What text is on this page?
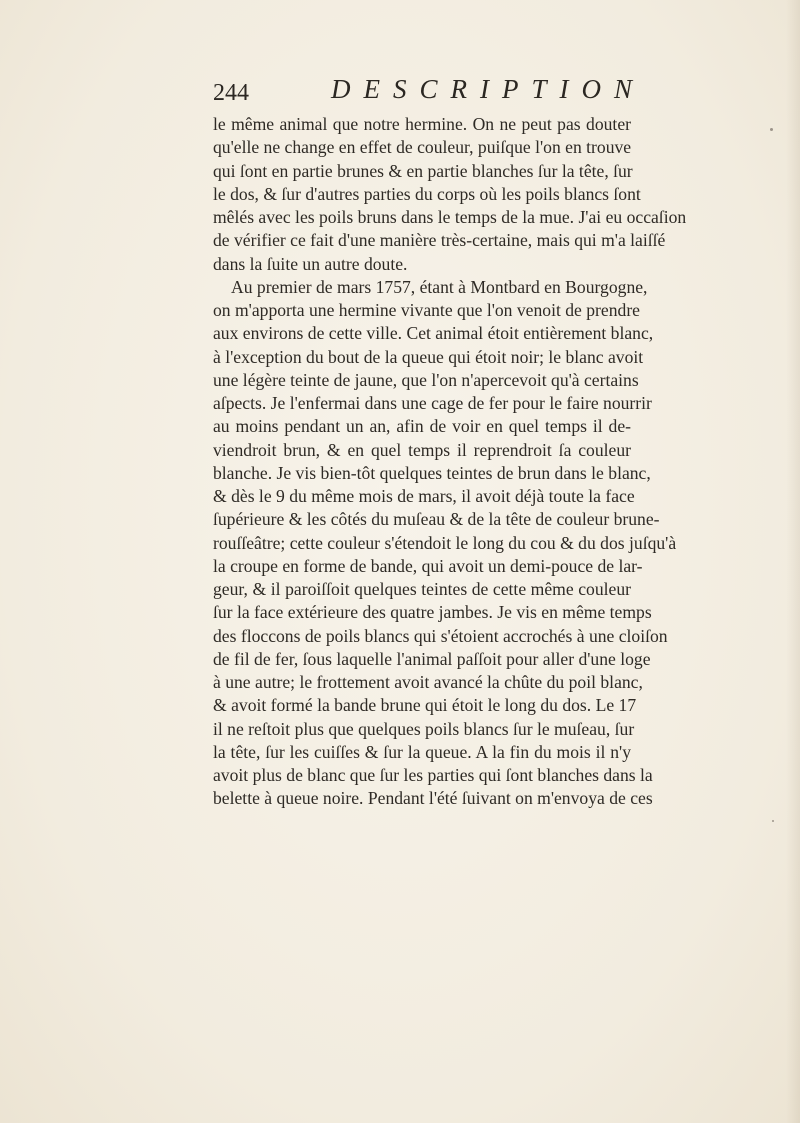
244	DESCRIPTION
le même animal que notre hermine. On ne peut pas douter
qu'elle ne change en effet de couleur, puiſque l'on en trouve
qui ſont en partie brunes & en partie blanches ſur la tête, ſur
le dos, & ſur d'autres parties du corps où les poils blancs ſont
mêlés avec les poils bruns dans le temps de la mue. J'ai eu occaſion
de vérifier ce fait d'une manière très-certaine, mais qui m'a laiſſé
dans la ſuite un autre doute.
Au premier de mars 1757, étant à Montbard en Bourgogne,
on m'apporta une hermine vivante que l'on venoit de prendre
aux environs de cette ville. Cet animal étoit entièrement blanc,
à l'exception du bout de la queue qui étoit noir; le blanc avoit
une légère teinte de jaune, que l'on n'apercevoit qu'à certains
aſpects. Je l'enfermai dans une cage de fer pour le faire nourrir
au moins pendant un an, afin de voir en quel temps il de-
viendroit brun, & en quel temps il reprendroit ſa couleur
blanche. Je vis bien-tôt quelques teintes de brun dans le blanc,
& dès le 9 du même mois de mars, il avoit déjà toute la face
ſupérieure & les côtés du muſeau & de la tête de couleur brune-
rouſſeâtre; cette couleur s'étendoit le long du cou & du dos juſqu'à
la croupe en forme de bande, qui avoit un demi-pouce de lar-
geur, & il paroiſſoit quelques teintes de cette même couleur
ſur la face extérieure des quatre jambes. Je vis en même temps
des floccons de poils blancs qui s'étoient accrochés à une cloiſon
de fil de fer, ſous laquelle l'animal paſſoit pour aller d'une loge
à une autre; le frottement avoit avancé la chûte du poil blanc,
& avoit formé la bande brune qui étoit le long du dos. Le 17
il ne reſtoit plus que quelques poils blancs ſur le muſeau, ſur
la tête, ſur les cuiſſes & ſur la queue. A la fin du mois il n'y
avoit plus de blanc que ſur les parties qui ſont blanches dans la
belette à queue noire. Pendant l'été ſuivant on m'envoya de ces
